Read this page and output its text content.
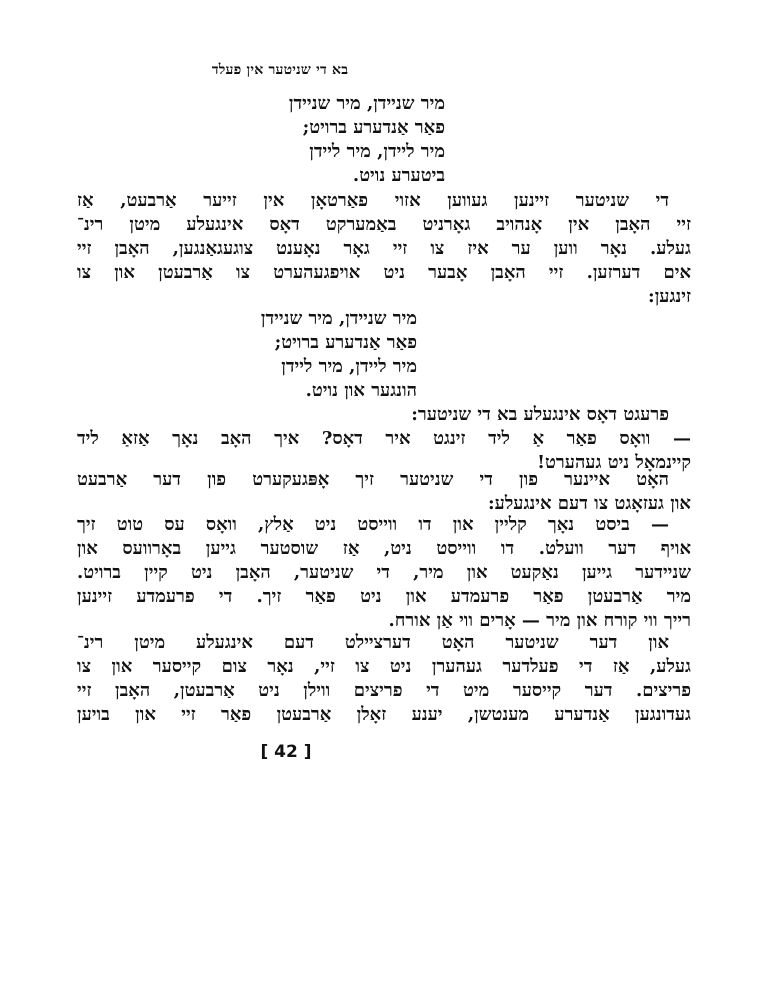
בא די שניטער אין פעלד
מיר שניידן, מיר שניידן
פאַר אַנדערע ברויט;
מיר ליידן, מיר ליידן
ביטערע נויט.
די שניטער זיינען געווען אזוי פאַרטאָן אין זייער אַרבעט, אַז
זיי האָבן אין אָנהויב גאָרניט באַמערקט דאָס אינגעלע מיטן רינ־
געלע. נאָר ווען ער איז צו זיי גאָר נאָענט צוגעגאַנגען, האָבן זיי
אים דערזען. זיי האָבן אָבער ניט אויפגעהערט צו אַרבעטן און צו
זינגען:
מיר שניידן, מיר שניידן
פאַר אַנדערע ברויט;
מיר ליידן, מיר ליידן
הונגער און נויט.
פרעגט דאָס אינגעלע בא די שניטער:
— וואָס פאַר אַ ליד זינגט איר דאָס? איך האָב נאָך אַזאַ ליד
קיינמאָל ניט געהערט!
האָט איינער פון די שניטער זיך אָפּגעקערט פון דער אַרבעט
און געזאָגט צו דעם אינגעלע:
— ביסט נאָך קליין און דו ווייסט ניט אַלץ, וואָס עס טוט זיך
אויף דער וועלט. דו ווייסט ניט, אַז שוסטער גייען באָרוועס און
שניידער גייען נאַקעט און מיר, די שניטער, האָבן ניט קיין ברויט.
מיר אַרבעטן פאַר פרעמדע און ניט פאַר זיך. די פרעמדע זיינען
רייך ווי קורח און מיר — אָרים ווי אַן אורח.
און דער שניטער האָט דערציילט דעם אינגעלע מיטן רינ־
געלע, אַז די פעלדער געהערן ניט צו זיי, נאָר צום קייסער און צו
פריצים. דער קייסער מיט די פריצים ווילן ניט אַרבעטן, האָבן זיי
געדונגען אַנדערע מענטשן, יענע זאָלן אַרבעטן פאַר זיי און בויען
[ 42 ]
